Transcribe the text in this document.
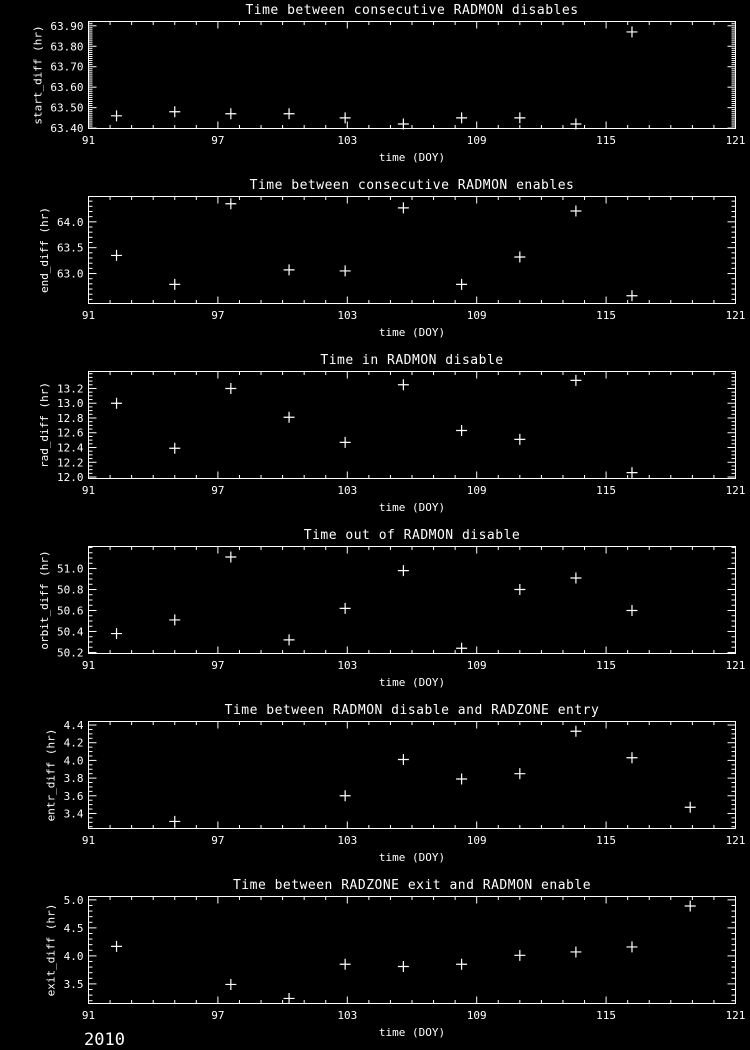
91	97	103	109	115	121
63.40
63.50
63.60
63.70
63.80
63.90
Time between consecutive RADMON disables
time (DOY)
start_diff (hr)
91	97	103	109	115	121
63.0
63.5
64.0
Time between consecutive RADMON enables
time (DOY)
end_diff (hr)
91	97	103	109	115	121
12.0
12.2
12.4
12.6
12.8
13.0
13.2
Time in RADMON disable
time (DOY)
rad_diff (hr)
91	97	103	109	115	121
50.2
50.4
50.6
50.8
51.0
Time out of RADMON disable
time (DOY)
orbit_diff (hr)
91	97	103	109	115	121
3.4
3.6
3.8
4.0
4.2
4.4
Time between RADMON disable and RADZONE entry
time (DOY)
entr_diff (hr)
91	97	103	109	115	121
3.5
4.0
4.5
5.0
Time between RADZONE exit and RADMON enable
time (DOY)
exit_diff (hr)
2010
